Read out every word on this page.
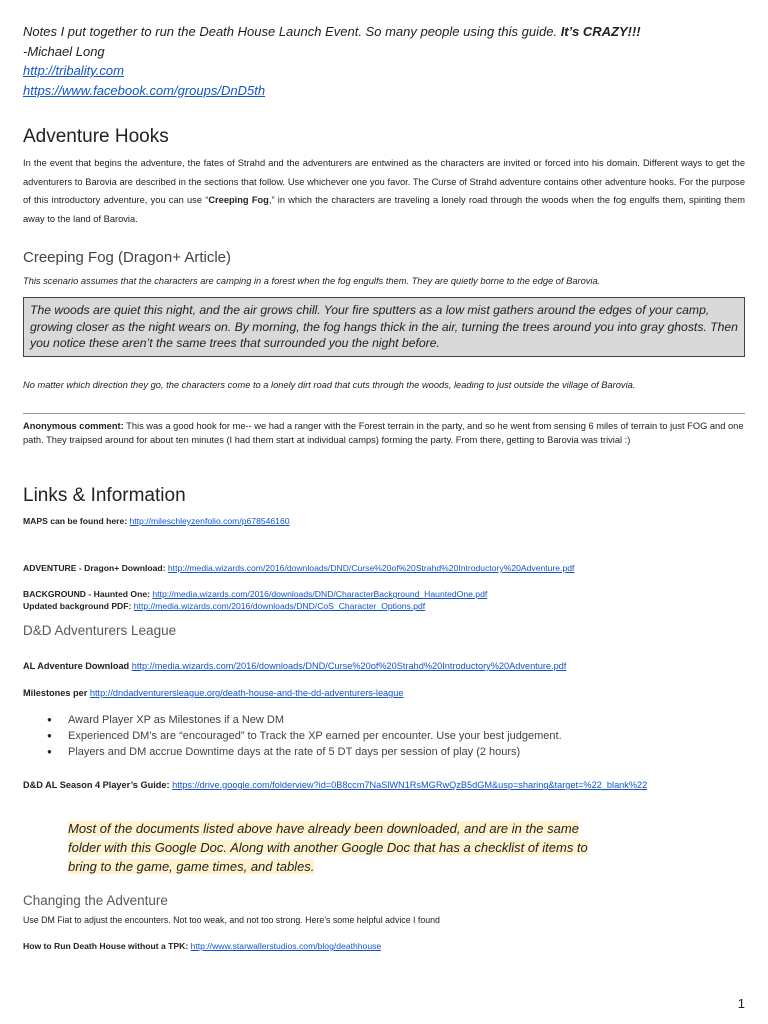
Notes I put together to run the Death House Launch Event. So many people using this guide. It’s CRAZY!!!
-Michael Long
http://tribality.com
https://www.facebook.com/groups/DnD5th
Adventure Hooks

In the event that begins the adventure, the fates of Strahd and the adventurers are entwined as the characters are invited or forced into his domain. Different ways to get the adventurers to Barovia are described in the sections that follow. Use whichever one you favor. The Curse of Strahd adventure contains other adventure hooks. For the purpose of this introductory adventure, you can use “Creeping Fog,” in which the characters are traveling a lonely road through the woods when the fog engulfs them, spiriting them away to the land of Barovia.

Creeping Fog (Dragon+ Article)

This scenario assumes that the characters are camping in a forest when the fog engulfs them. They are quietly borne to the edge of Barovia.

The woods are quiet this night, and the air grows chill. Your fire sputters as a low mist gathers around the edges of your camp, growing closer as the night wears on. By morning, the fog hangs thick in the air, turning the trees around you into gray ghosts. Then you notice these aren’t the same trees that surrounded you the night before.

No matter which direction they go, the characters come to a lonely dirt road that cuts through the woods, leading to just outside the village of Barovia.

Anonymous comment: This was a good hook for me-- we had a ranger with the Forest terrain in the party, and so he went from sensing 6 miles of terrain to just FOG and one path. They traipsed around for about ten minutes (I had them start at individual camps) forming the party. From there, getting to Barovia was trivial :)

Links & Information
MAPS can be found here: http://mileschleyzenfolio.com/p678546160
ADVENTURE - Dragon+ Download: http://media.wizards.com/2016/downloads/DND/Curse%20of%20Strahd%20Introductory%20Adventure.pdf
BACKGROUND - Haunted One: http://media.wizards.com/2016/downloads/DND/CharacterBackground_HauntedOne.pdf
Updated background PDF: http://media.wizards.com/2016/downloads/DND/CoS_Character_Options.pdf
D&D Adventurers League
AL Adventure Download http://media.wizards.com/2016/downloads/DND/Curse%20of%20Strahd%20Introductory%20Adventure.pdf
Milestones per http://dndadventurersleague.org/death-house-and-the-dd-adventurers-league
● Award Player XP as Milestones if a New DM
● Experienced DM’s are “encouraged” to Track the XP earned per encounter. Use your best judgement.
● Players and DM accrue Downtime days at the rate of 5 DT days per session of play (2 hours)
D&D AL Season 4 Player’s Guide: https://drive.google.com/folderview?id=0B8ccm7NaSlWN1RsMGRwQzB5dGM&usp=sharing&target=%22_blank%22
Most of the documents listed above have already been downloaded, and are in the same folder with this Google Doc. Along with another Google Doc that has a checklist of items to bring to the game, game times, and tables.
Changing the Adventure
Use DM Fiat to adjust the encounters. Not too weak, and not too strong. Here’s some helpful advice I found
How to Run Death House without a TPK: http://www.starwallerstudios.com/blog/deathhouse
1
